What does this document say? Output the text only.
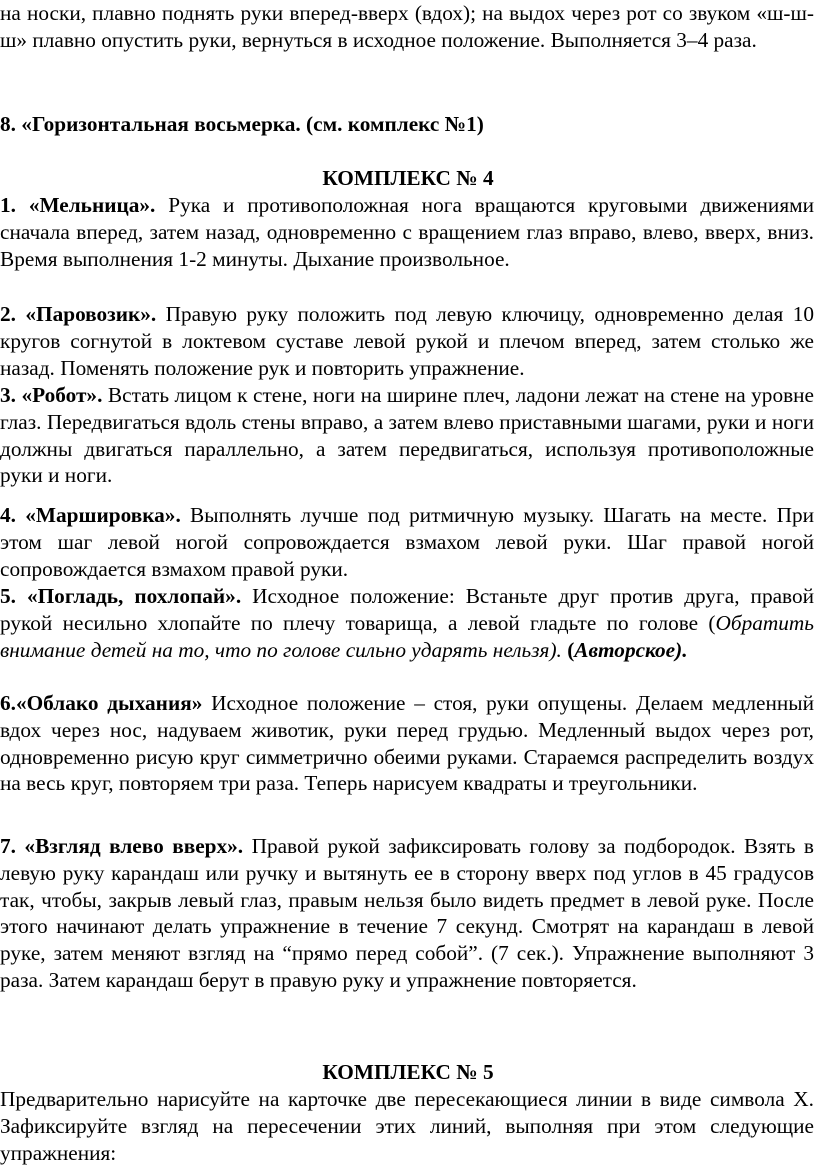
на носки, плавно поднять руки вперед-вверх (вдох); на выдох через рот со звуком «ш-ш-ш» плавно опустить руки, вернуться в исходное положение. Выполняется 3–4 раза.
8. «Горизонтальная восьмерка. (см. комплекс №1)
КОМПЛЕКС № 4
1. «Мельница». Рука и противоположная нога вращаются круговыми движениями сначала вперед, затем назад, одновременно с вращением глаз вправо, влево, вверх, вниз. Время выполнения 1-2 минуты. Дыхание произвольное.
2. «Паровозик». Правую руку положить под левую ключицу, одновременно делая 10 кругов согнутой в локтевом суставе левой рукой и плечом вперед, затем столько же назад. Поменять положение рук и повторить упражнение.
3. «Робот». Встать лицом к стене, ноги на ширине плеч, ладони лежат на стене на уровне глаз. Передвигаться вдоль стены вправо, а затем влево приставными шагами, руки и ноги должны двигаться параллельно, а затем передвигаться, используя противоположные руки и ноги.
4. «Маршировка». Выполнять лучше под ритмичную музыку. Шагать на месте. При этом шаг левой ногой сопровождается взмахом левой руки. Шаг правой ногой сопровождается взмахом правой руки.
5. «Погладь, похлопай». Исходное положение: Встаньте друг против друга, правой рукой несильно хлопайте по плечу товарища, а левой гладьте по голове (Обратить внимание детей на то, что по голове сильно ударять нельзя). (Авторское).
6.«Облако дыхания» Исходное положение – стоя, руки опущены. Делаем медленный вдох через нос, надуваем животик, руки перед грудью. Медленный выдох через рот, одновременно рисую круг симметрично обеими руками. Стараемся распределить воздух на весь круг, повторяем три раза. Теперь нарисуем квадраты и треугольники.
7. «Взгляд влево вверх». Правой рукой зафиксировать голову за подбородок. Взять в левую руку карандаш или ручку и вытянуть ее в сторону вверх под углов в 45 градусов так, чтобы, закрыв левый глаз, правым нельзя было видеть предмет в левой руке. После этого начинают делать упражнение в течение 7 секунд. Смотрят на карандаш в левой руке, затем меняют взгляд на “прямо перед собой”. (7 сек.). Упражнение выполняют 3 раза. Затем карандаш берут в правую руку и упражнение повторяется.
КОМПЛЕКС № 5
Предварительно нарисуйте на карточке две пересекающиеся линии в виде символа Х. Зафиксируйте взгляд на пересечении этих линий, выполняя при этом следующие упражнения:
